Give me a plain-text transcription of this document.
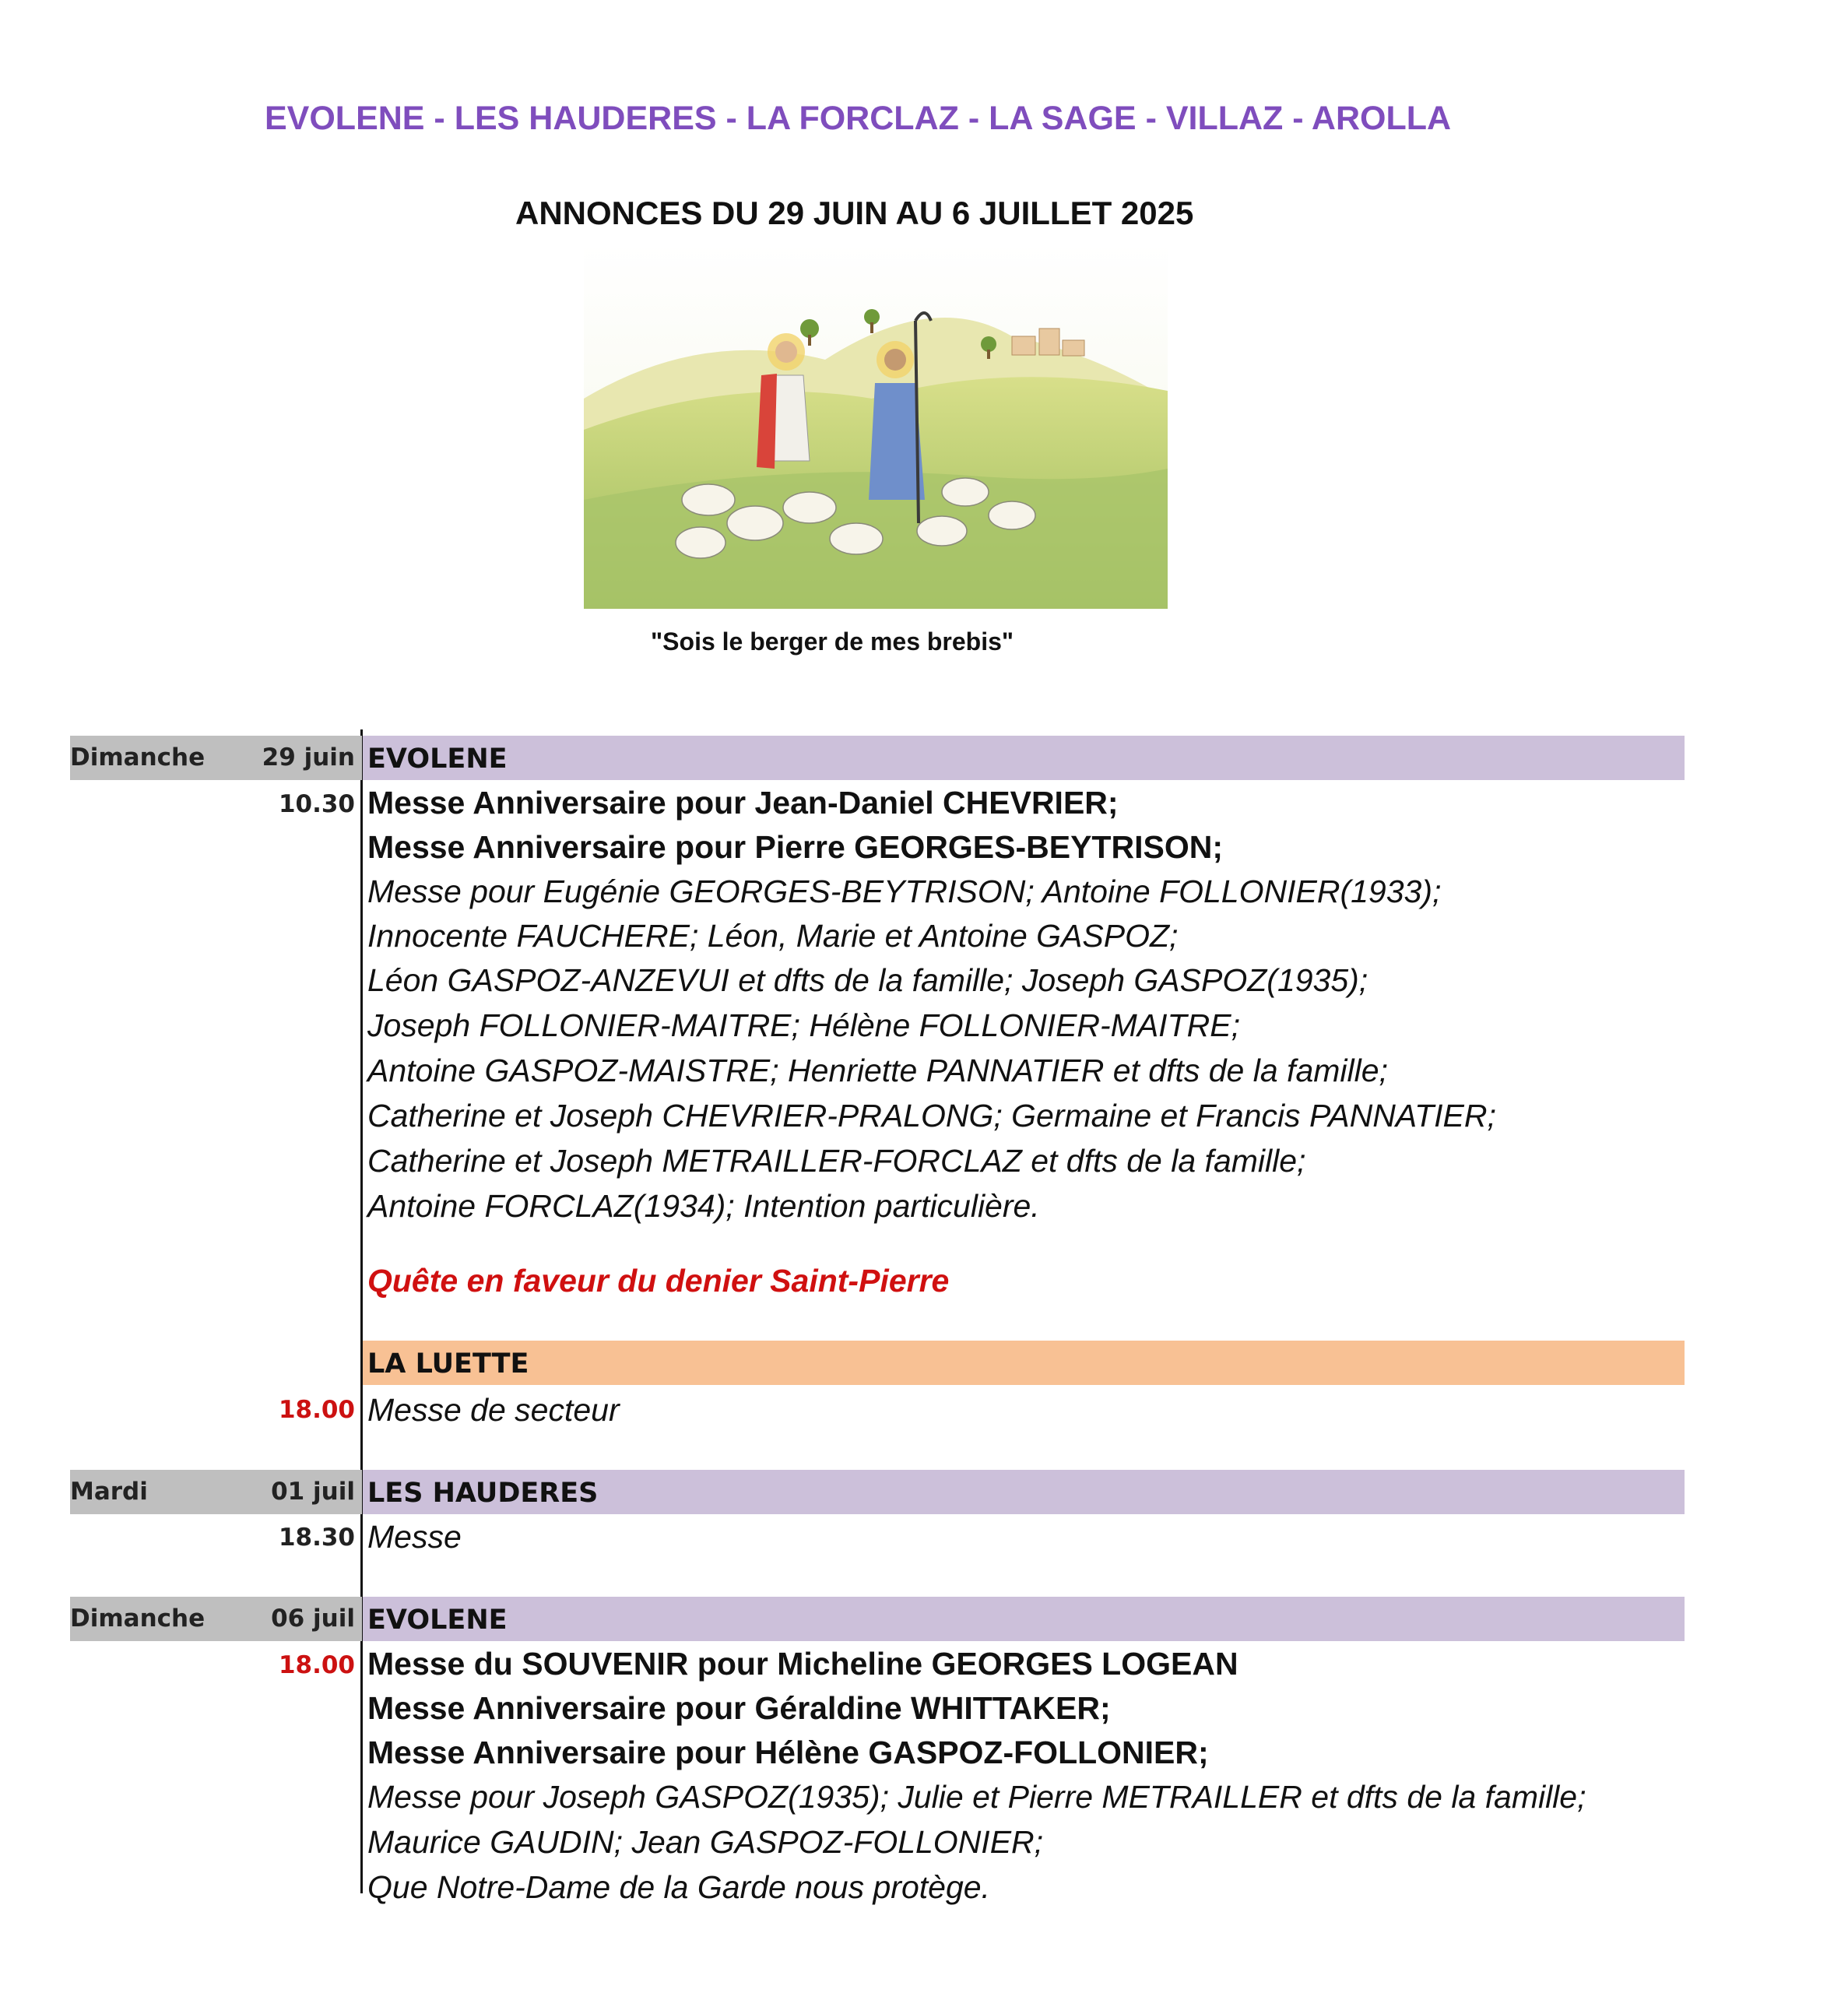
EVOLENE - LES HAUDERES - LA FORCLAZ - LA SAGE - VILLAZ - AROLLA
ANNONCES DU 29 JUIN AU 6 JUILLET 2025
"Sois le berger de mes brebis"
Dimanche	29 juin EVOLENE
10.30 Messe Anniversaire pour Jean-Daniel CHEVRIER;
Messe Anniversaire pour Pierre GEORGES-BEYTRISON;
Messe pour Eugénie GEORGES-BEYTRISON; Antoine FOLLONIER(1933);
Innocente FAUCHERE; Léon, Marie et Antoine GASPOZ;
Léon GASPOZ-ANZEVUI et dfts de la famille; Joseph GASPOZ(1935);
Joseph FOLLONIER-MAITRE; Hélène FOLLONIER-MAITRE;
Antoine GASPOZ-MAISTRE; Henriette PANNATIER et dfts de la famille;
Catherine et Joseph CHEVRIER-PRALONG; Germaine et Francis PANNATIER;
Catherine et Joseph METRAILLER-FORCLAZ et dfts de la famille;
Antoine FORCLAZ(1934); Intention particulière.
Quête en faveur du denier Saint-Pierre
LA LUETTE
18.00 Messe de secteur
Mardi	01 juil LES HAUDERES
18.30 Messe
Dimanche	06 juil EVOLENE
18.00 Messe du SOUVENIR pour Micheline GEORGES LOGEAN
Messe Anniversaire pour Géraldine WHITTAKER;
Messe Anniversaire pour Hélène GASPOZ-FOLLONIER;
Messe pour Joseph GASPOZ(1935); Julie et Pierre METRAILLER et dfts de la famille;
Maurice GAUDIN; Jean GASPOZ-FOLLONIER;
Que Notre-Dame de la Garde nous protège.
